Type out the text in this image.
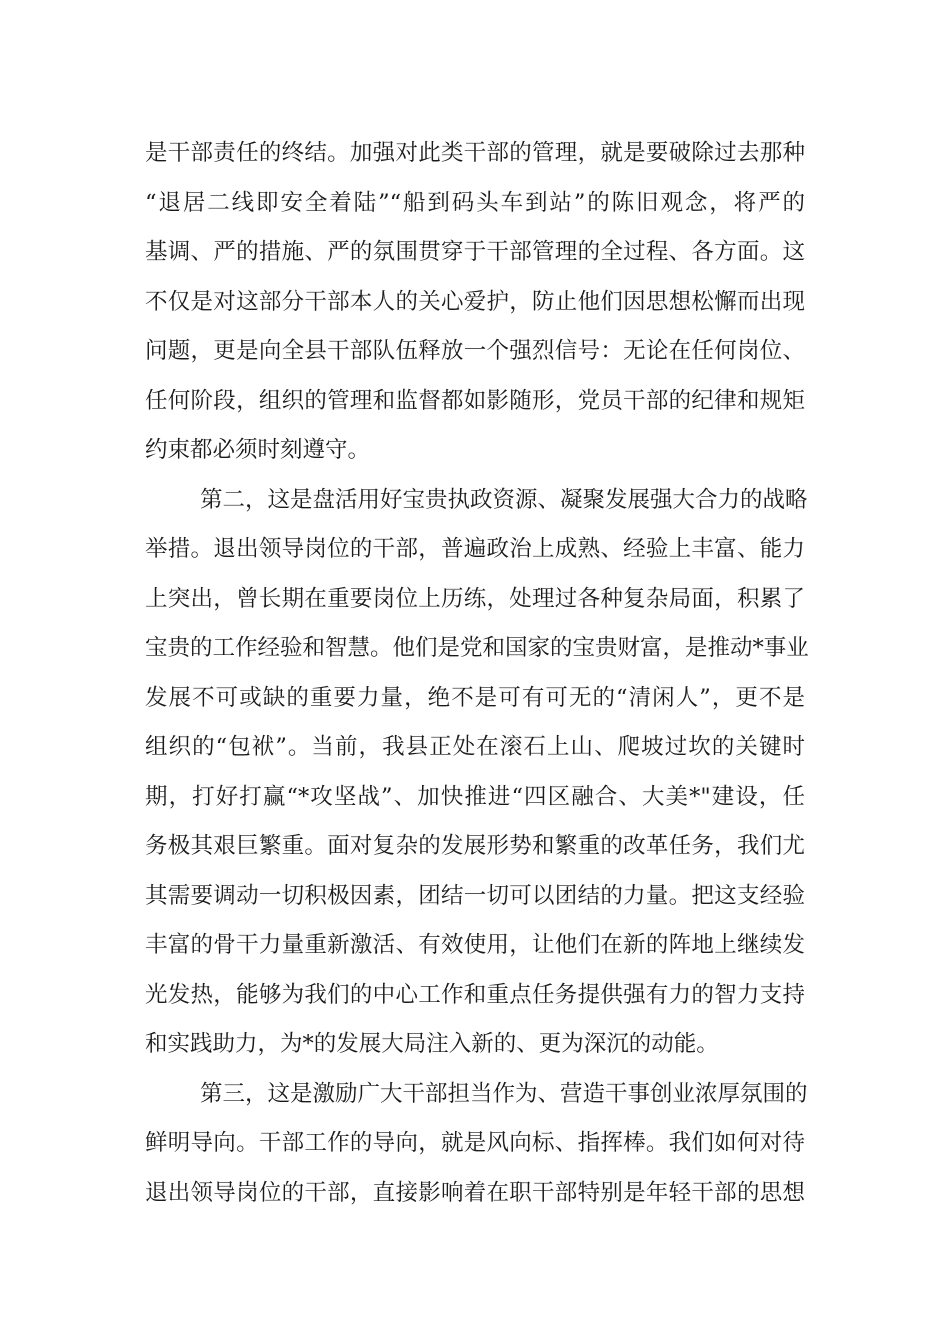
是干部责任的终结。加强对此类干部的管理，就是要破除过去那种
“退居二线即安全着陆”“船到码头车到站”的陈旧观念，将严的
基调、严的措施、严的氛围贯穿于干部管理的全过程、各方面。这
不仅是对这部分干部本人的关心爱护，防止他们因思想松懈而出现
问题，更是向全县干部队伍释放一个强烈信号：无论在任何岗位、
任何阶段，组织的管理和监督都如影随形，党员干部的纪律和规矩
约束都必须时刻遵守。
第二，这是盘活用好宝贵执政资源、凝聚发展强大合力的战略
举措。退出领导岗位的干部，普遍政治上成熟、经验上丰富、能力
上突出，曾长期在重要岗位上历练，处理过各种复杂局面，积累了
宝贵的工作经验和智慧。他们是党和国家的宝贵财富，是推动*事业
发展不可或缺的重要力量，绝不是可有可无的“清闲人”，更不是
组织的“包袱”。当前，我县正处在滚石上山、爬坡过坎的关键时
期，打好打赢“*攻坚战”、加快推进“四区融合、大美*"建设，任
务极其艰巨繁重。面对复杂的发展形势和繁重的改革任务，我们尤
其需要调动一切积极因素，团结一切可以团结的力量。把这支经验
丰富的骨干力量重新激活、有效使用，让他们在新的阵地上继续发
光发热，能够为我们的中心工作和重点任务提供强有力的智力支持
和实践助力，为*的发展大局注入新的、更为深沉的动能。
第三，这是激励广大干部担当作为、营造干事创业浓厚氛围的
鲜明导向。干部工作的导向，就是风向标、指挥棒。我们如何对待
退出领导岗位的干部，直接影响着在职干部特别是年轻干部的思想
